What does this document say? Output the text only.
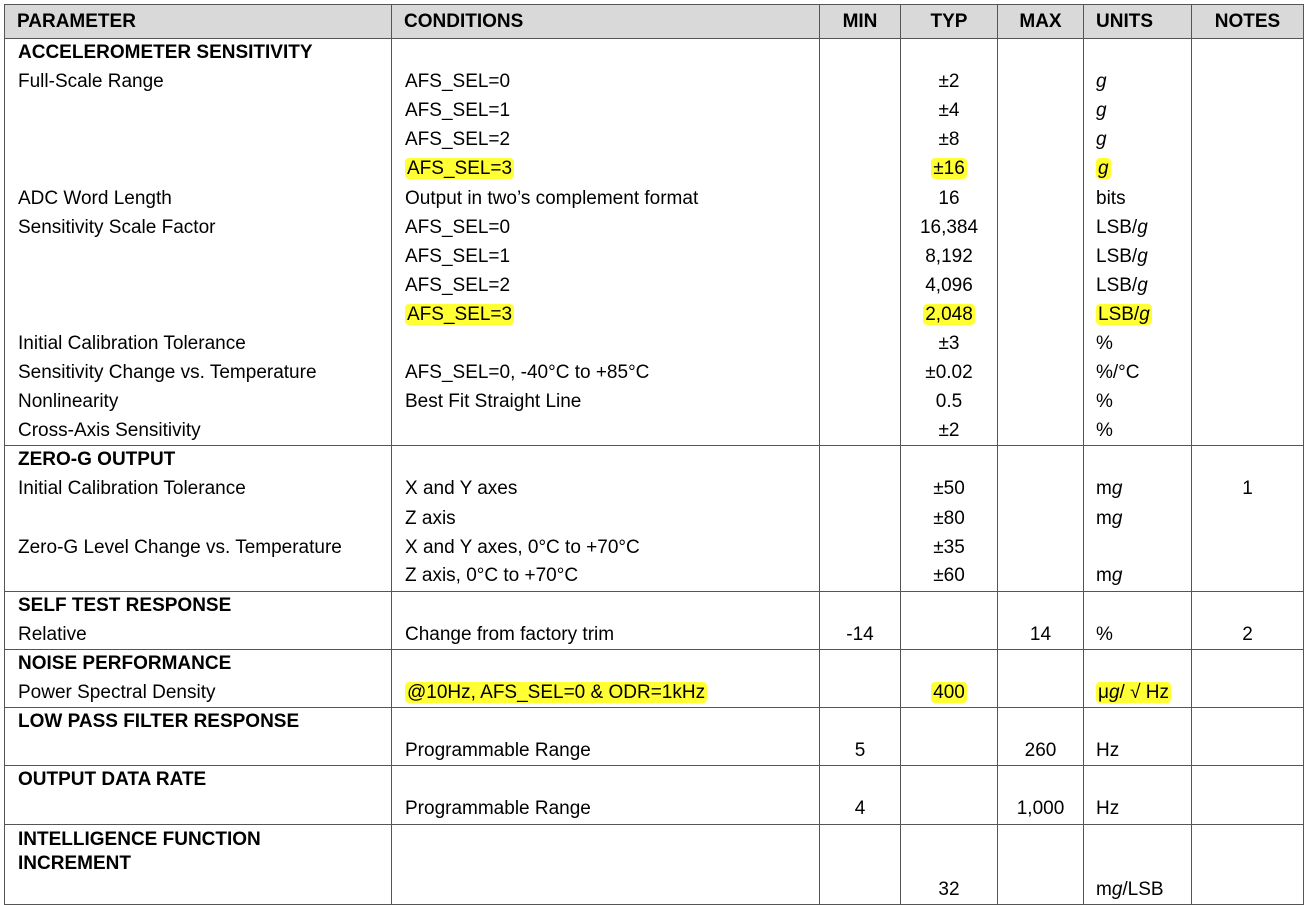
PARAMETER	CONDITIONS	MIN	TYP	MAX	UNITS	NOTES
ACCELEROMETER SENSITIVITY						
Full-Scale Range	AFS_SEL=0		±2		g	
	AFS_SEL=1		±4		g	
	AFS_SEL=2		±8		g	
	AFS_SEL=3		±16		g	
ADC Word Length	Output in two’s complement format		16		bits	
Sensitivity Scale Factor	AFS_SEL=0		16,384		LSB/g	
	AFS_SEL=1		8,192		LSB/g	
	AFS_SEL=2		4,096		LSB/g	
	AFS_SEL=3		2,048		LSB/g	
Initial Calibration Tolerance			±3		%	
Sensitivity Change vs. Temperature	AFS_SEL=0, -40°C to +85°C		±0.02		%/°C	
Nonlinearity	Best Fit Straight Line		0.5		%	
Cross-Axis Sensitivity			±2		%	
ZERO-G OUTPUT						
Initial Calibration Tolerance	X and Y axes		±50		mg	1
	Z axis		±80		mg	
Zero-G Level Change vs. Temperature	X and Y axes, 0°C to +70°C		±35			
	Z axis, 0°C to +70°C		±60		mg	
SELF TEST RESPONSE						
Relative	Change from factory trim	-14		14	%	2
NOISE PERFORMANCE						
Power Spectral Density	@10Hz, AFS_SEL=0 & ODR=1kHz		400		μg/ √ Hz	
LOW PASS FILTER RESPONSE						
	Programmable Range	5		260	Hz	
OUTPUT DATA RATE						
	Programmable Range	4		1,000	Hz	

INTELLIGENCE FUNCTION
INCREMENT						

			32		mg/LSB	
